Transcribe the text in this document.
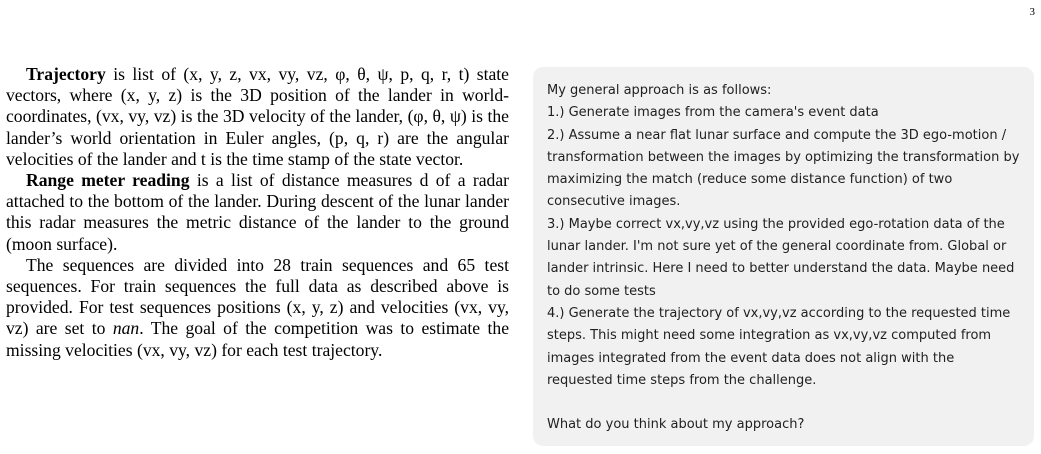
3

Trajectory is list of (x, y, z, vx, vy, vz, φ, θ, ψ, p, q, r, t) state vectors, where (x, y, z) is the 3D position of the lander in world-coordinates, (vx, vy, vz) is the 3D velocity of the lander, (φ, θ, ψ) is the lander’s world orientation in Euler angles, (p, q, r) are the angular velocities of the lander and t is the time stamp of the state vector.

Range meter reading is a list of distance measures d of a radar attached to the bottom of the lander. During descent of the lunar lander this radar measures the metric distance of the lander to the ground (moon surface).

The sequences are divided into 28 train sequences and 65 test sequences. For train sequences the full data as described above is provided. For test sequences positions (x, y, z) and velocities (vx, vy, vz) are set to nan. The goal of the competition was to estimate the missing velocities (vx, vy, vz) for each test trajectory.

My general approach is as follows:
1.) Generate images from the camera's event data
2.) Assume a near flat lunar surface and compute the 3D ego-motion / transformation between the images by optimizing the transformation by maximizing the match (reduce some distance function) of two consecutive images.
3.) Maybe correct vx,vy,vz using the provided ego-rotation data of the lunar lander. I'm not sure yet of the general coordinate from. Global or lander intrinsic. Here I need to better understand the data. Maybe need to do some tests
4.) Generate the trajectory of vx,vy,vz according to the requested time steps. This might need some integration as vx,vy,vz computed from images integrated from the event data does not align with the requested time steps from the challenge.
What do you think about my approach?
